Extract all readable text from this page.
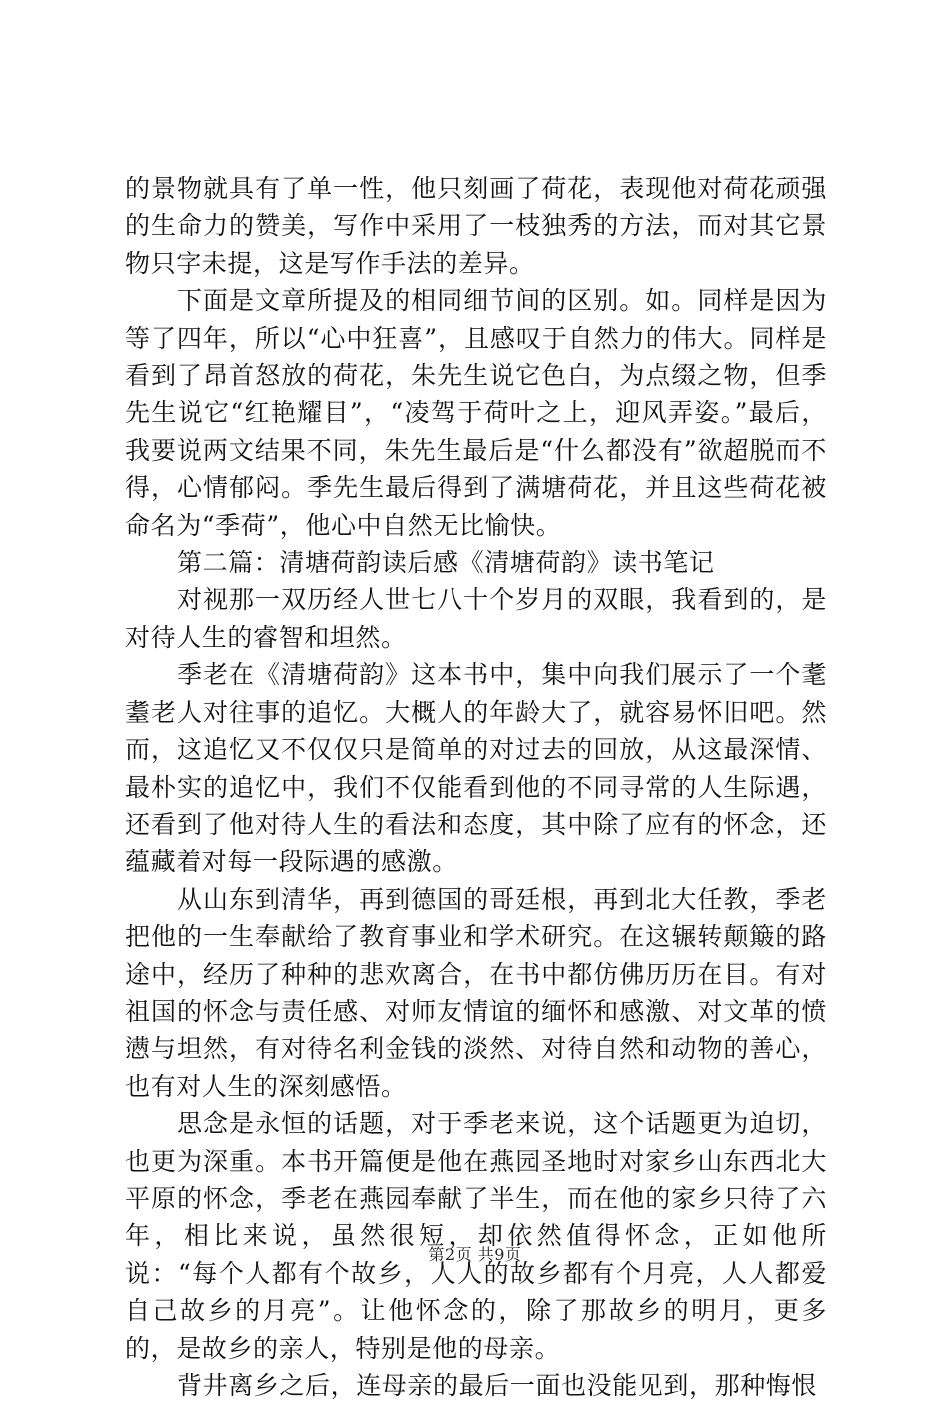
的景物就具有了单一性，他只刻画了荷花，表现他对荷花顽强的生命力的赞美，写作中采用了一枝独秀的方法，而对其它景物只字未提，这是写作手法的差异。

下面是文章所提及的相同细节间的区别。如。同样是因为等了四年，所以“心中狂喜”，且感叹于自然力的伟大。同样是看到了昂首怒放的荷花，朱先生说它色白，为点缀之物，但季先生说它“红艳耀目”，“凌驾于荷叶之上，迎风弄姿。”最后，我要说两文结果不同，朱先生最后是“什么都没有”欲超脱而不得，心情郁闷。季先生最后得到了满塘荷花，并且这些荷花被命名为“季荷”，他心中自然无比愉快。

第二篇：清塘荷韵读后感《清塘荷韵》读书笔记

对视那一双历经人世七八十个岁月的双眼，我看到的，是对待人生的睿智和坦然。

季老在《清塘荷韵》这本书中，集中向我们展示了一个耄耋老人对往事的追忆。大概人的年龄大了，就容易怀旧吧。然而，这追忆又不仅仅只是简单的对过去的回放，从这最深情、最朴实的追忆中，我们不仅能看到他的不同寻常的人生际遇，还看到了他对待人生的看法和态度，其中除了应有的怀念，还蕴藏着对每一段际遇的感激。

从山东到清华，再到德国的哥廷根，再到北大任教，季老把他的一生奉献给了教育事业和学术研究。在这辗转颠簸的路途中，经历了种种的悲欢离合，在书中都仿佛历历在目。有对祖国的怀念与责任感、对师友情谊的缅怀和感激、对文革的愤懑与坦然，有对待名利金钱的淡然、对待自然和动物的善心，也有对人生的深刻感悟。

思念是永恒的话题，对于季老来说，这个话题更为迫切，也更为深重。本书开篇便是他在燕园圣地时对家乡山东西北大平原的怀念，季老在燕园奉献了半生，而在他的家乡只待了六年，相比来说，虽然很短，却依然值得怀念，正如他所说：“每个人都有个故乡，人人的故乡都有个月亮，人人都爱自己故乡的月亮”。让他怀念的，除了那故乡的明月，更多的，是故乡的亲人，特别是他的母亲。

背井离乡之后，连母亲的最后一面也没能见到，那种悔恨

第2页 共9页
